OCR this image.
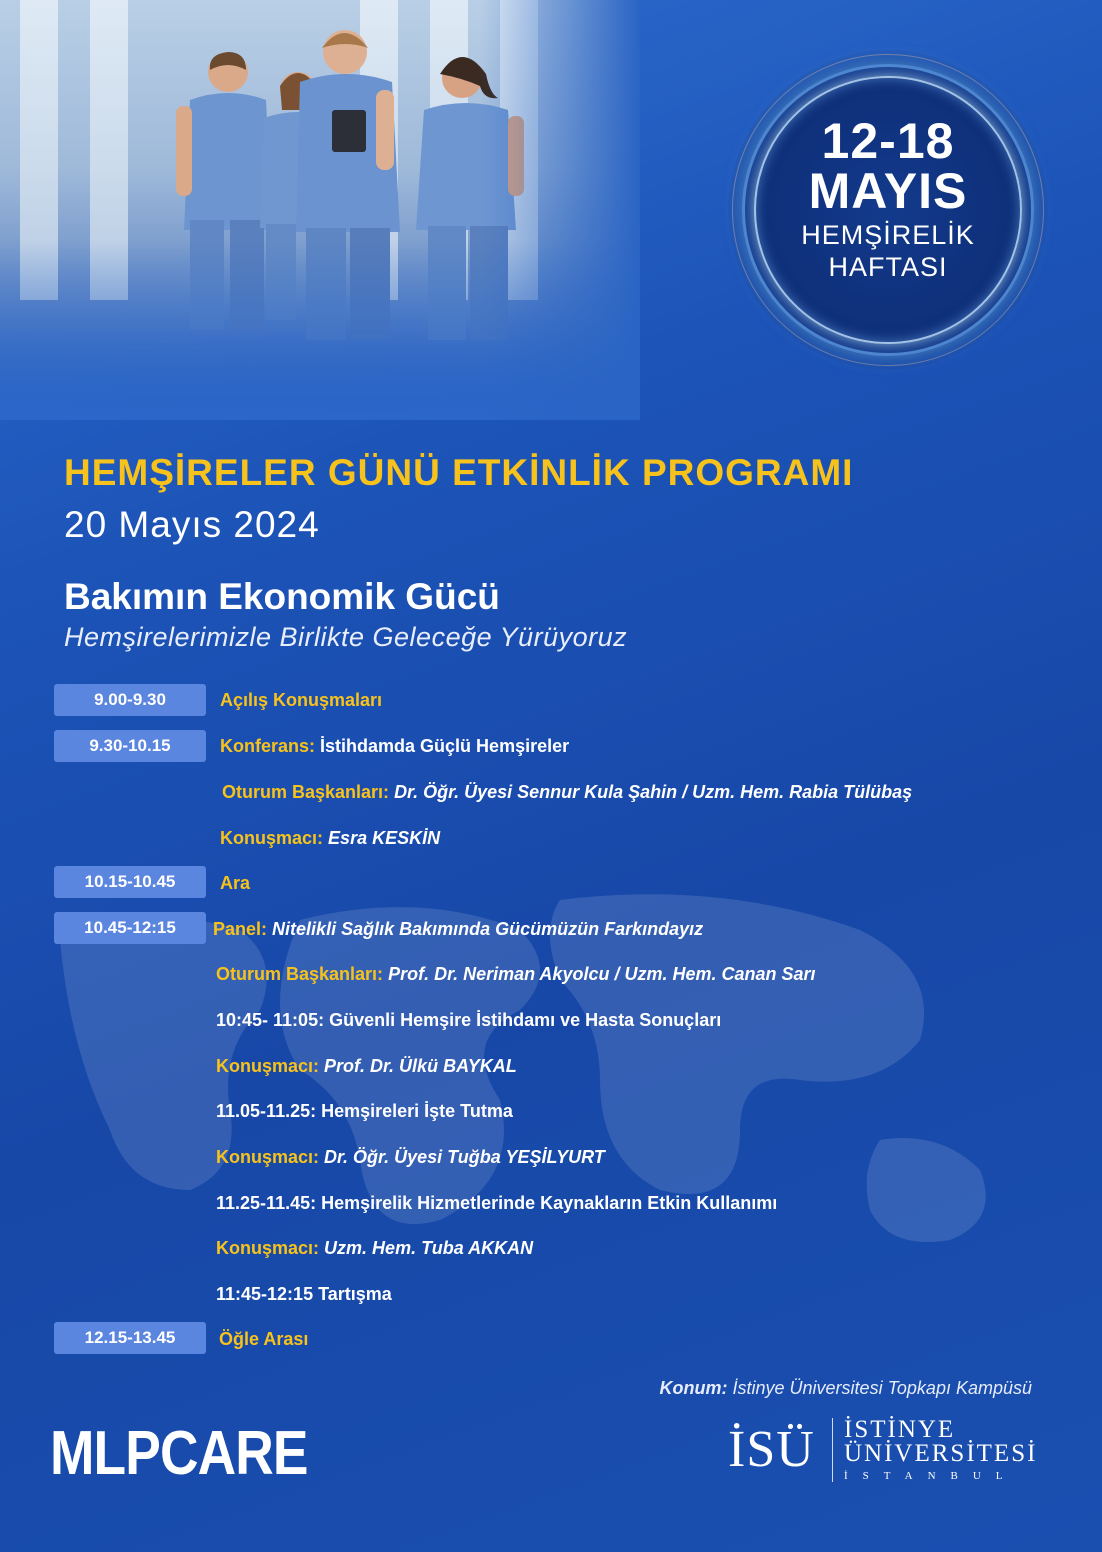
12-18
MAYIS
HEMŞİRELİK
HAFTASI
HEMŞİRELER GÜNÜ ETKİNLİK PROGRAMI
20 Mayıs 2024
Bakımın Ekonomik Gücü
Hemşirelerimizle Birlikte Geleceğe Yürüyoruz
9.00-9.30	Açılış Konuşmaları
9.30-10.15	Konferans: İstihdamda Güçlü Hemşireler
Oturum Başkanları: Dr. Öğr. Üyesi Sennur Kula Şahin / Uzm. Hem. Rabia Tülübaş
Konuşmacı: Esra KESKİN
10.15-10.45	Ara
10.45-12:15	Panel: Nitelikli Sağlık Bakımında Gücümüzün Farkındayız
Oturum Başkanları: Prof. Dr. Neriman Akyolcu / Uzm. Hem. Canan Sarı
10:45- 11:05: Güvenli Hemşire İstihdamı ve Hasta Sonuçları
Konuşmacı: Prof. Dr. Ülkü BAYKAL
11.05-11.25: Hemşireleri İşte Tutma
Konuşmacı: Dr. Öğr. Üyesi Tuğba YEŞİLYURT
11.25-11.45: Hemşirelik Hizmetlerinde Kaynakların Etkin Kullanımı
Konuşmacı: Uzm. Hem. Tuba AKKAN
11:45-12:15 Tartışma
12.15-13.45	Öğle Arası
Konum: İstinye Üniversitesi Topkapı Kampüsü
MLPCARE	İSÜ İSTİNYE
ÜNİVERSİTESİ
İSTANBUL
